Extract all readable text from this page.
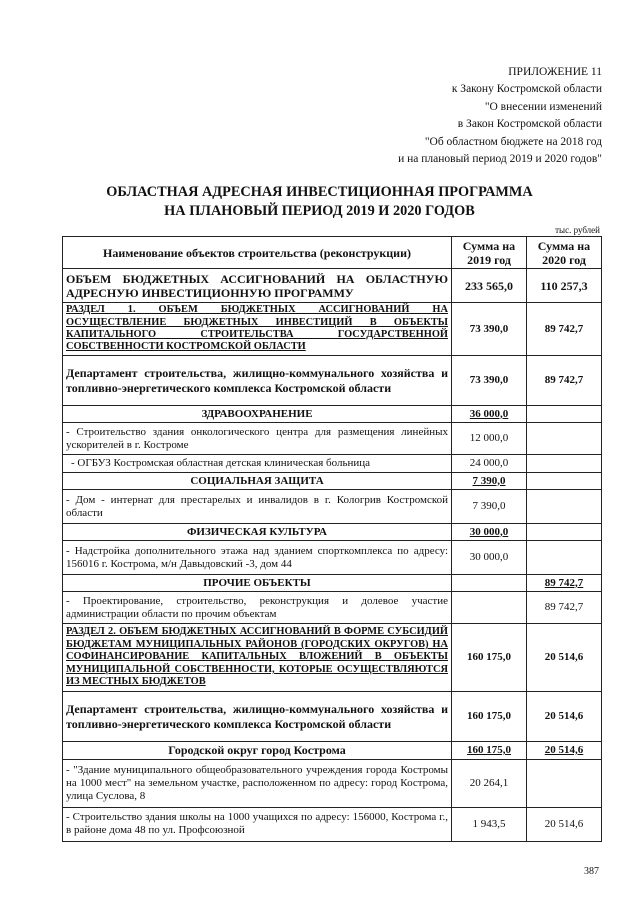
ПРИЛОЖЕНИЕ 11
к Закону Костромской области
"О внесении изменений
в Закон Костромской области
"Об областном бюджете на 2018 год
и на плановый период 2019 и 2020 годов"
ОБЛАСТНАЯ АДРЕСНАЯ ИНВЕСТИЦИОННАЯ ПРОГРАММА
НА ПЛАНОВЫЙ ПЕРИОД 2019 И 2020 ГОДОВ
тыс. рублей
Наименование объектов строительства (реконструкции)	Сумма на 2019 год	Сумма на 2020 год
ОБЪЕМ БЮДЖЕТНЫХ АССИГНОВАНИЙ НА ОБЛАСТНУЮ АДРЕСНУЮ ИНВЕСТИЦИОННУЮ ПРОГРАММУ	233 565,0	110 257,3
РАЗДЕЛ 1. ОБЪЕМ БЮДЖЕТНЫХ АССИГНОВАНИЙ НА ОСУЩЕСТВЛЕНИЕ БЮДЖЕТНЫХ ИНВЕСТИЦИЙ В ОБЪЕКТЫ КАПИТАЛЬНОГО СТРОИТЕЛЬСТВА ГОСУДАРСТВЕННОЙ СОБСТВЕННОСТИ КОСТРОМСКОЙ ОБЛАСТИ	73 390,0	89 742,7
Департамент строительства, жилищно-коммунального хозяйства и топливно-энергетического комплекса Костромской области	73 390,0	89 742,7
ЗДРАВООХРАНЕНИЕ	36 000,0	
- Строительство здания онкологического центра для размещения линейных ускорителей в г. Костроме	12 000,0	
- ОГБУЗ Костромская областная детская клиническая больница	24 000,0	
СОЦИАЛЬНАЯ ЗАЩИТА	7 390,0	
- Дом - интернат для престарелых и инвалидов в г. Кологрив Костромской области	7 390,0	
ФИЗИЧЕСКАЯ КУЛЬТУРА	30 000,0	
- Надстройка дополнительного этажа над зданием спорткомплекса по адресу: 156016 г. Кострома, м/н Давыдовский -3, дом 44	30 000,0	
ПРОЧИЕ ОБЪЕКТЫ		89 742,7
- Проектирование, строительство, реконструкция и долевое участие администрации области по прочим объектам		89 742,7
РАЗДЕЛ 2. ОБЪЕМ БЮДЖЕТНЫХ АССИГНОВАНИЙ В ФОРМЕ СУБСИДИЙ БЮДЖЕТАМ МУНИЦИПАЛЬНЫХ РАЙОНОВ (ГОРОДСКИХ ОКРУГОВ) НА СОФИНАНСИРОВАНИЕ КАПИТАЛЬНЫХ ВЛОЖЕНИЙ В ОБЪЕКТЫ МУНИЦИПАЛЬНОЙ СОБСТВЕННОСТИ, КОТОРЫЕ ОСУЩЕСТВЛЯЮТСЯ ИЗ МЕСТНЫХ БЮДЖЕТОВ	160 175,0	20 514,6
Департамент строительства, жилищно-коммунального хозяйства и топливно-энергетического комплекса Костромской области	160 175,0	20 514,6
Городской округ город Кострома	160 175,0	20 514,6
- "Здание муниципального общеобразовательного учреждения города Костромы на 1000 мест" на земельном участке, расположенном по адресу: город Кострома, улица Суслова, 8	20 264,1	
- Строительство здания школы на 1000 учащихся по адресу: 156000, Кострома г., в районе дома 48 по ул. Профсоюзной	1 943,5	20 514,6
387
